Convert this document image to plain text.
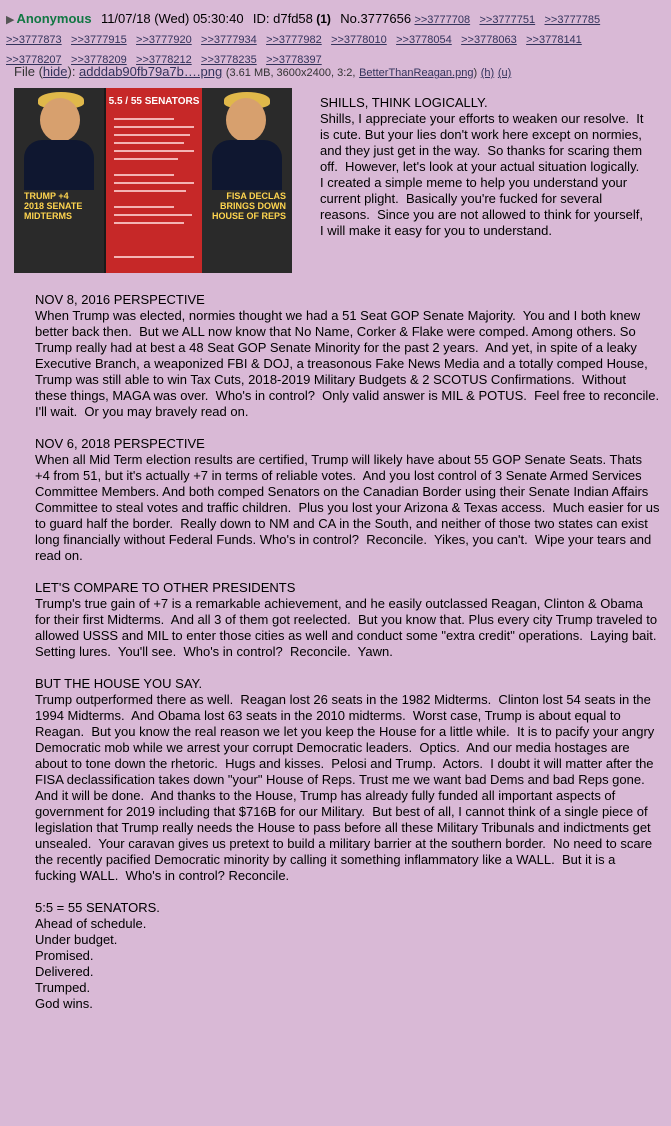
▶ Anonymous 11/07/18 (Wed) 05:30:40 ID: d7fd58 (1) No.3777656 >>3777708 >>3777751 >>3777785 >>3777873 >>3777915 >>3777920 >>3777934 >>3777982 >>3778010 >>3778054 >>3778063 >>3778141 >>3778207 >>3778209 >>3778212 >>3778235 >>3778397
File (hide): adddab90fb79a7b….png (3.61 MB, 3600x2400, 3:2, BetterThanReagan.png) (h) (u)
5.5 / 55 SENATORS
TRUMP +4
2018 SENATE
MIDTERMS
FISA DECLAS
BRINGS DOWN
HOUSE OF REPS
SHILLS, THINK LOGICALLY.
Shills, I appreciate your efforts to weaken our resolve.  It is cute. But your lies don't work here except on normies, and they just get in the way.  So thanks for scaring them off.  However, let's look at your actual situation logically.  I created a simple meme to help you understand your current plight.  Basically you're fucked for several reasons.  Since you are not allowed to think for yourself, I will make it easy for you to understand.
NOV 8, 2016 PERSPECTIVE
When Trump was elected, normies thought we had a 51 Seat GOP Senate Majority.  You and I both knew better back then.  But we ALL now know that No Name, Corker & Flake were comped. Among others. So Trump really had at best a 48 Seat GOP Senate Minority for the past 2 years.  And yet, in spite of a leaky Executive Branch, a weaponized FBI & DOJ, a treasonous Fake News Media and a totally comped House, Trump was still able to win Tax Cuts, 2018-2019 Military Budgets & 2 SCOTUS Confirmations.  Without these things, MAGA was over.  Who's in control?  Only valid answer is MIL & POTUS.  Feel free to reconcile.  I'll wait.  Or you may bravely read on.

NOV 6, 2018 PERSPECTIVE
When all Mid Term election results are certified, Trump will likely have about 55 GOP Senate Seats. Thats +4 from 51, but it's actually +7 in terms of reliable votes.  And you lost control of 3 Senate Armed Services Committee Members. And both comped Senators on the Canadian Border using their Senate Indian Affairs Committee to steal votes and traffic children.  Plus you lost your Arizona & Texas access.  Much easier for us to guard half the border.  Really down to NM and CA in the South, and neither of those two states can exist long financially without Federal Funds. Who's in control?  Reconcile.  Yikes, you can't.  Wipe your tears and read on.

LET'S COMPARE TO OTHER PRESIDENTS
Trump's true gain of +7 is a remarkable achievement, and he easily outclassed Reagan, Clinton & Obama for their first Midterms.  And all 3 of them got reelected.  But you know that. Plus every city Trump traveled to allowed USSS and MIL to enter those cities as well and conduct some "extra credit" operations.  Laying bait.  Setting lures.  You'll see.  Who's in control?  Reconcile.  Yawn.

BUT THE HOUSE YOU SAY.
Trump outperformed there as well.  Reagan lost 26 seats in the 1982 Midterms.  Clinton lost 54 seats in the 1994 Midterms.  And Obama lost 63 seats in the 2010 midterms.  Worst case, Trump is about equal to Reagan.  But you know the real reason we let you keep the House for a little while.  It is to pacify your angry Democratic mob while we arrest your corrupt Democratic leaders.  Optics.  And our media hostages are about to tone down the rhetoric.  Hugs and kisses.  Pelosi and Trump.  Actors.  I doubt it will matter after the FISA declassification takes down "your" House of Reps. Trust me we want bad Dems and bad Reps gone.  And it will be done.  And thanks to the House, Trump has already fully funded all important aspects of government for 2019 including that $716B for our Military.  But best of all, I cannot think of a single piece of legislation that Trump really needs the House to pass before all these Military Tribunals and indictments get unsealed.  Your caravan gives us pretext to build a military barrier at the southern border.  No need to scare the recently pacified Democratic minority by calling it something inflammatory like a WALL.  But it is a fucking WALL.  Who's in control? Reconcile.

5:5 = 55 SENATORS.
Ahead of schedule.
Under budget.
Promised.
Delivered.
Trumped.
God wins.
